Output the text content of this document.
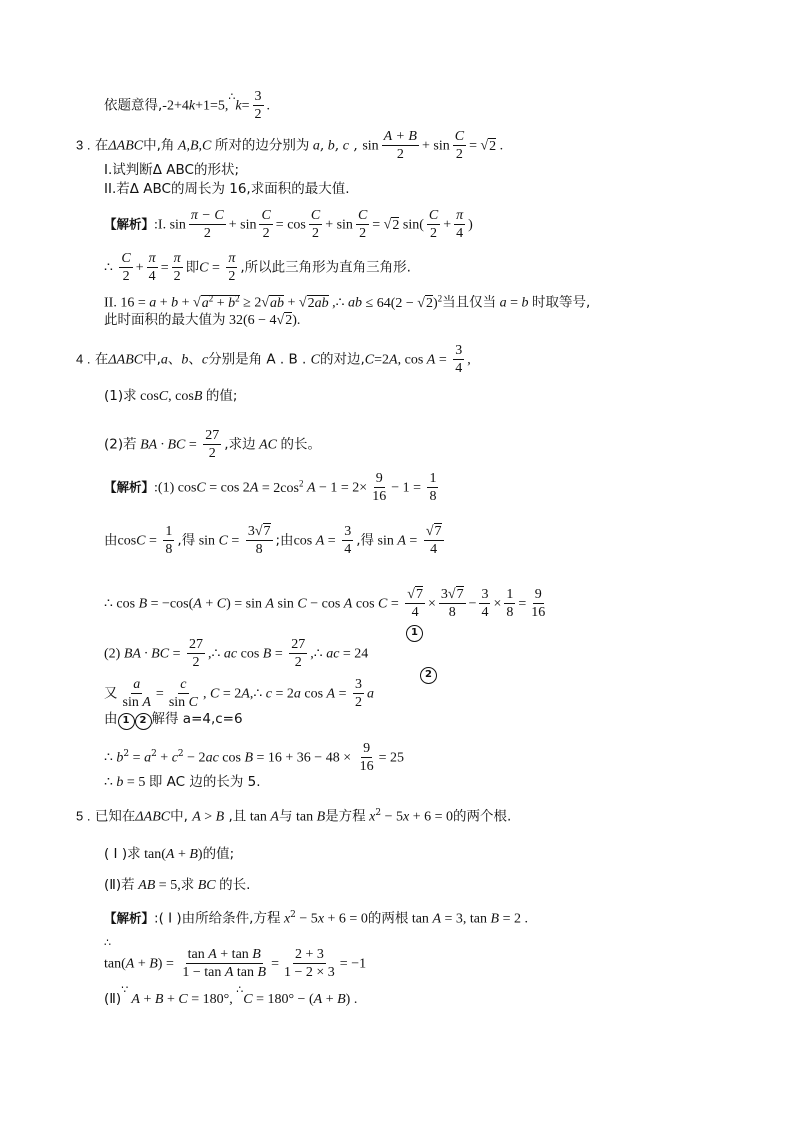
依题意得,-2+4k+1=5,∴k= $\frac{3}{2}$ .
3 . 在ΔABC中,角 A,B,C 所对的边分别为 a, b, c , $\sin \frac{A + B}{2} + \sin \frac{C}{2} = √2$ .
I.试判断Δ ABC的形状;
II.若Δ ABC的周长为 16,求面积的最大值.
【解析】:I. $\sin \frac{\pi - C}{2} + \sin \frac{C}{2} = \cos \frac{C}{2} + \sin \frac{C}{2} = √2$ $\sin( \frac{C}{2} + \frac{\pi}{4}$ )
∴ $\frac{C}{2} + \frac{\pi}{4} = \frac{\pi}{2}$ 即$C = \frac{\pi}{2}$ ,所以此三角形为直角三角形.
II. $16 = a + b + √a^2 + b^2 \ge 2√ab + √2ab$ ,∴ ab ≤ $64(2 - √2)^2$当且仅当 a = b 时取等号,
此时面积的最大值为 32(6 − 4√2).
4 . 在ΔABC中,a、b、c分别是角 A . B . C的对边,C=2A, $\cos A = \frac{3}{4}$ ,
(1)求 cosC, cosB 的值;
(2)若 BA · BC = $\frac{27}{2}$ ,求边 AC 的长。
【解析】:(1) $\cos C = \cos 2A = 2\cos^2$ $A - 1 = 2\times \frac{9}{16} - 1 = \frac{1}{8}$
由$\cos C = \frac{1}{8}$ ,得 $\sin C = \frac{3√7}{8}$ ;由$\cos A = \frac{3}{4}$ ,得 $\sin A = \frac{√7}{4}$
∴ cos B = −cos(A + C) = sin A sin C − cos A $\cos C = \frac{√7}{4} \times \frac{3√7}{8} - \frac{3}{4} \times \frac{1}{8} = \frac{9}{16}$
(2) BA · BC = $\frac{27}{2}$ ,∴ ac $\cos B = \frac{27}{2}$ ,∴ ac = 24
1
又 $\frac{a}{\text{sin A}} = \frac{c}{\text{sin C}}$ , C = 2A,∴ c = 2a $\cos A = \frac{3}{2}$ a
2
由 1 2 解得 a=4,c=6
∴ $b^2 = a^2 + c^2 - 2ac$ $\cos B = 16 + 36 - 48 \times \frac{9}{16} = 25$
∴ b = 5 即 AC 边的长为 5.
5 . 已知在ΔABC中, A > B ,且 tan A与 tan B是方程 $x^2 - 5x + 6 = 0$的两个根.
( I )求 tan(A + B)的值;
(Ⅱ)若 AB = 5,求 BC 的长.
【解析】:( I )由所给条件,方程 $x^2 - 5x + 6 = 0$的两根 tan A = 3, tan B = 2 .
∴
$\tan(A + B) = \frac{\text{tan A + tan B}}{\text{1 − tan A tan B}} = \frac{2 + 3}{1 - 2 \times 3} = -1$
(Ⅱ)∵ A + B + C = 180°, ∴C = 180° − (A + B) .
